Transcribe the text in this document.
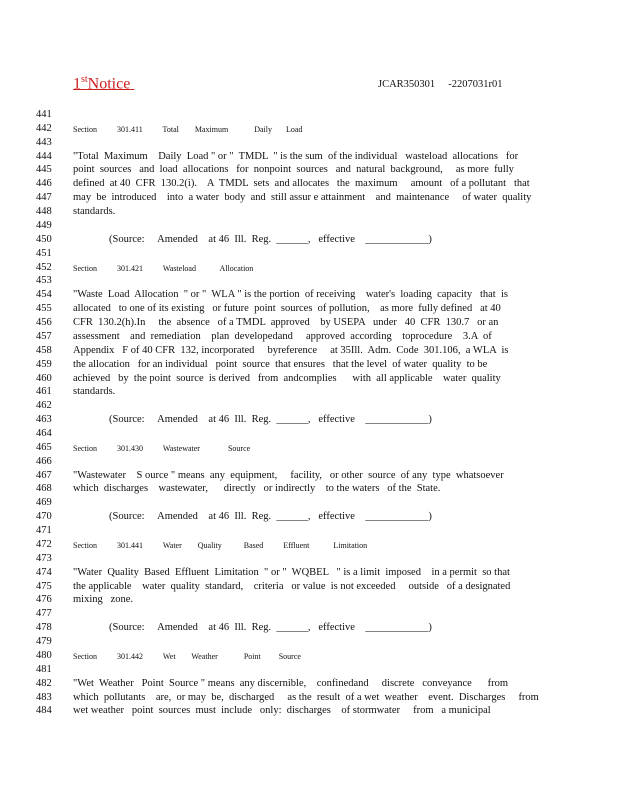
1stNotice	JCAR350301     -2207031r01
441
442	Section          301.411          Total        Maximum             Daily       Load
443
444	"Total  Maximum    Daily  Load " or "  TMDL  " is the sum  of the individual   wasteload  allocations   for
445	point  sources   and  load  allocations   for  nonpoint  sources   and  natural  background,     as more  fully
446	defined  at 40  CFR  130.2(i).    A  TMDL  sets  and allocates   the  maximum     amount   of a pollutant   that
447	may  be  introduced    into  a water  body  and  still assur e attainment    and  maintenance     of water  quality
448	standards.
449
450	(Source:     Amended    at 46  Ill.  Reg.  ______,   effective    ____________)
451
452	Section          301.421          Wasteload            Allocation
453
454	"Waste  Load  Allocation  " or "  WLA " is the portion  of receiving    water's  loading  capacity   that  is
455	allocated   to one of its existing   or future  point  sources  of pollution,    as more  fully defined   at 40
456	CFR  130.2(h).In     the  absence   of a TMDL  approved    by USEPA   under   40  CFR  130.7   or an
457	assessment    and  remediation    plan  developedand     approved  according    toprocedure    3.A  of
458	Appendix   F of 40 CFR  132, incorporated     byreference     at 35Ill.  Adm.  Code  301.106,  a WLA  is
459	the allocation   for an individual   point  source  that ensures   that the level  of water  quality  to be
460	achieved   by  the point  source  is derived   from  andcomplies      with  all applicable    water  quality
461	standards.
462
463	(Source:     Amended    at 46  Ill.  Reg.  ______,   effective    ____________)
464
465	Section          301.430          Wastewater              Source
466
467	"Wastewater    S ource " means  any  equipment,     facility,   or other  source  of any  type  whatsoever
468	which  discharges    wastewater,      directly   or indirectly    to the waters   of the  State.
469
470	(Source:     Amended    at 46  Ill.  Reg.  ______,   effective    ____________)
471
472	Section          301.441          Water        Quality           Based          Effluent            Limitation
473
474	"Water  Quality  Based  Effluent  Limitation  " or "  WQBEL   " is a limit  imposed    in a permit  so that
475	the applicable    water  quality  standard,    criteria   or value  is not exceeded     outside   of a designated
476	mixing   zone.
477
478	(Source:     Amended    at 46  Ill.  Reg.  ______,   effective    ____________)
479
480	Section          301.442          Wet        Weather             Point         Source
481
482	"Wet  Weather   Point  Source " means  any discernible,    confinedand     discrete   conveyance      from
483	which  pollutants    are,  or may  be,  discharged     as the  result  of a wet  weather    event.  Discharges     from
484	wet weather   point  sources  must  include   only:  discharges    of stormwater     from   a municipal
